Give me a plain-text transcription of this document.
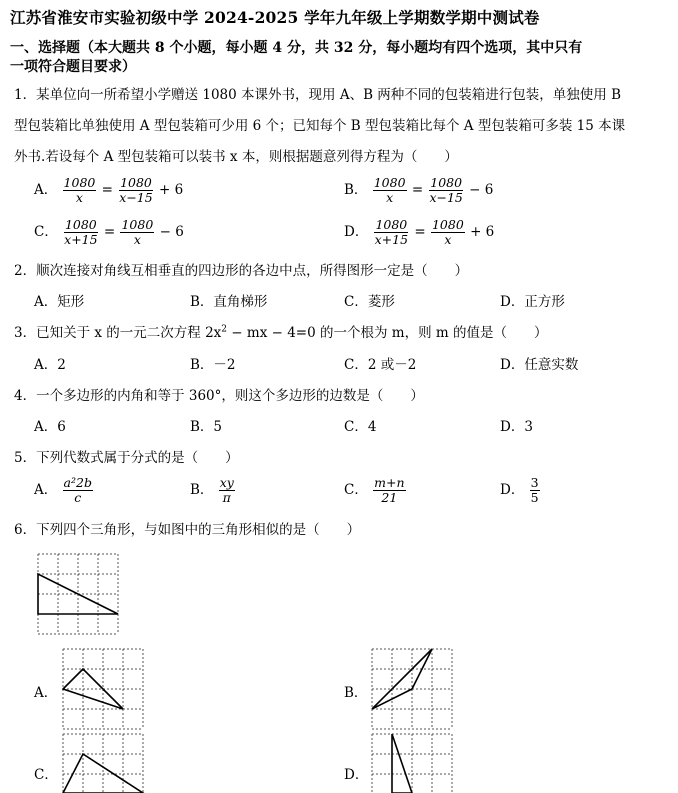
江苏省淮安市实验初级中学 2024-2025 学年九年级上学期数学期中测试卷
一、选择题（本大题共 8 个小题，每小题 4 分，共 32 分，每小题均有四个选项，其中只有
一项符合题目要求）
1．某单位向一所希望小学赠送 1080 本课外书，现用 A、B 两种不同的包装箱进行包装，单独使用 B
型包装箱比单独使用 A 型包装箱可少用 6 个；已知每个 B 型包装箱比每个 A 型包装箱可多装 15 本课
外书.若设每个 A 型包装箱可以装书 x 本，则根据题意列得方程为（　　）
A． $\frac{1080}{x} = \frac{1080}{x-15} + 6$	B． $\frac{1080}{x} = \frac{1080}{x-15} - 6$
C． $\frac{1080}{x+15} = \frac{1080}{x} - 6$	D． $\frac{1080}{x+15} = \frac{1080}{x} + 6$
2．顺次连接对角线互相垂直的四边形的各边中点，所得图形一定是（　　）
A．矩形	B．直角梯形	C．菱形	D．正方形
3．已知关于 x 的一元二次方程 $2x^2$ − mx − 4=0 的一个根为 m，则 m 的值是（　　）
A．2	B．－2	C．2 或－2	D．任意实数
4．一个多边形的内角和等于 360°，则这个多边形的边数是（　　）
A．6	B．5	C．4	D．3
5．下列代数式属于分式的是（　　）
A． $\frac{\text{a²2b}}{c}$	B． $\frac{xy}{\pi}$	C． $\frac{m+n}{21}$	D． $\frac{3}{5}$
6．下列四个三角形，与如图中的三角形相似的是（　　）
A．	B．
C．	D．
